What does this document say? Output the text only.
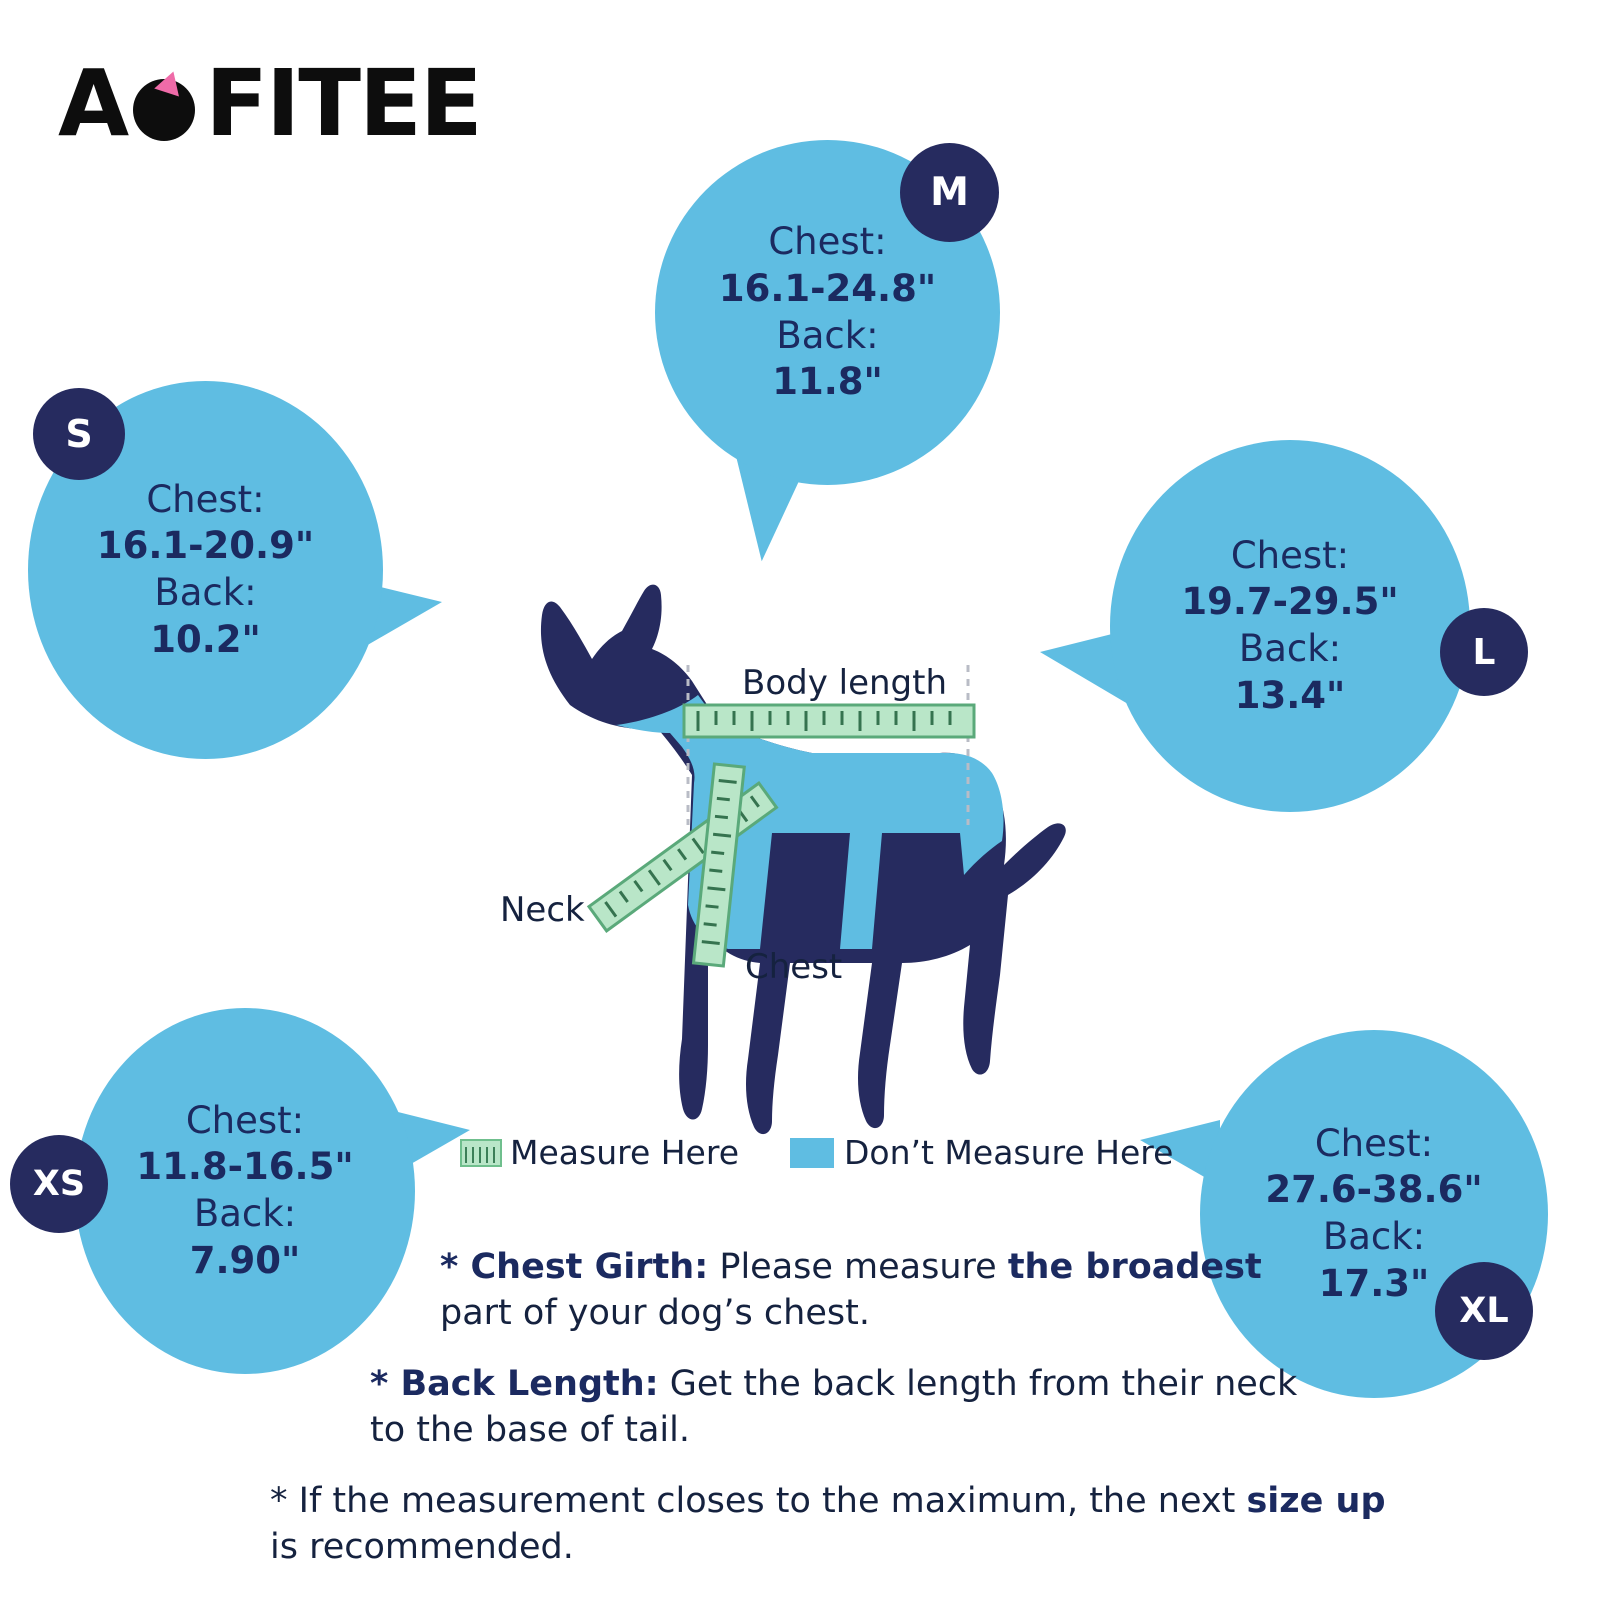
A FITEE
Chest:
16.1-24.8"
Back:
11.8"
M
Chest:
16.1-20.9"
Back:
10.2"
S
Chest:
19.7-29.5"
Back:
13.4"
L
Chest:
11.8-16.5"
Back:
7.90"
XS
Chest:
27.6-38.6"
Back:
17.3"
XL
Body length
Neck
Chest
Measure Here	Don’t Measure Here
* Chest Girth: Please measure the broadest
part of your dog’s chest.
* Back Length: Get the back length from their neck
to the base of tail.
* If the measurement closes to the maximum, the next size up
is recommended.
